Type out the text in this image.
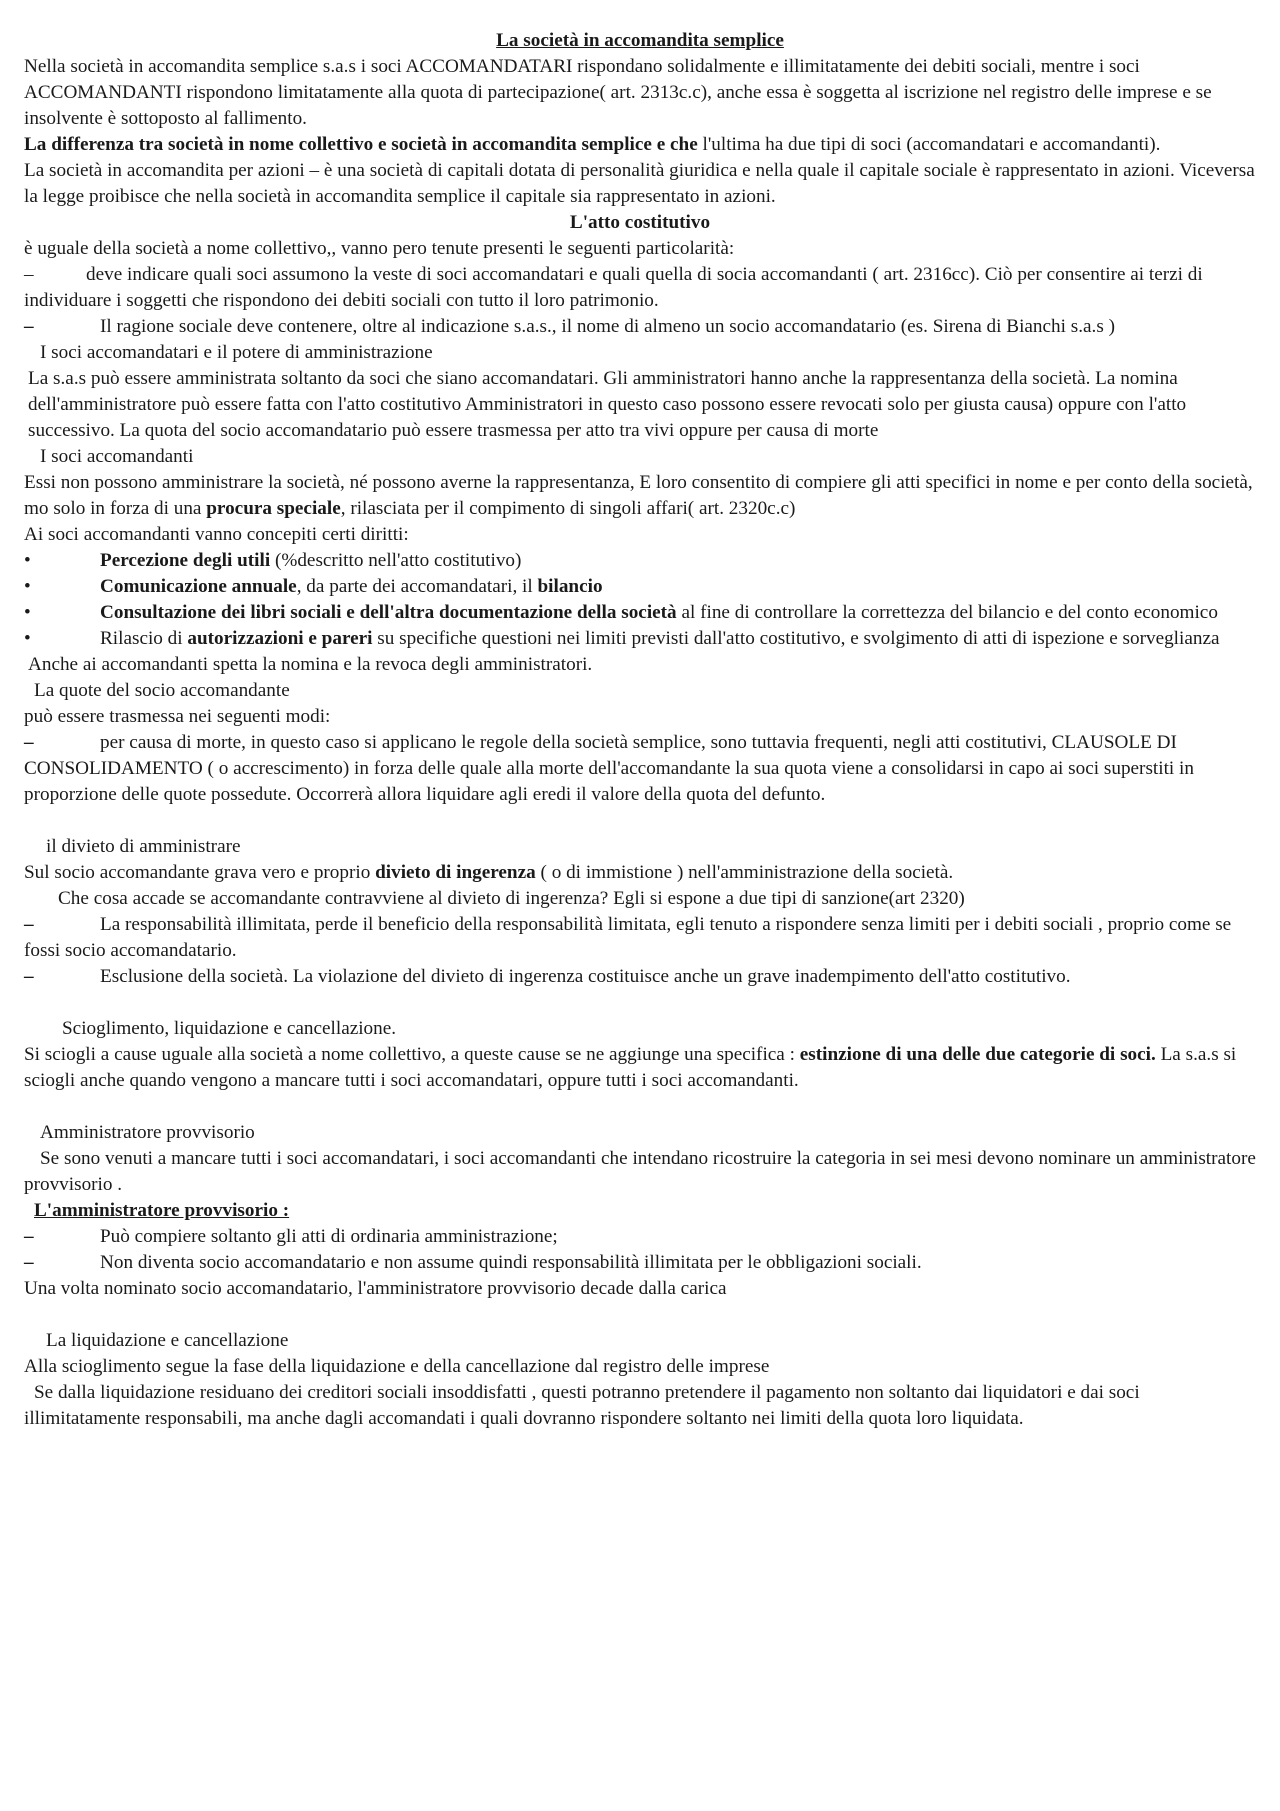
La società in accomandita semplice

Nella società in accomandita semplice s.a.s i soci ACCOMANDATARI rispondano solidalmente e illimitatamente dei debiti sociali, mentre i soci ACCOMANDANTI rispondono limitatamente alla quota di partecipazione( art. 2313c.c), anche essa è soggetta al iscrizione nel registro delle imprese e se insolvente è sottoposto al fallimento.

La differenza tra società in nome collettivo e società in accomandita semplice e che l'ultima ha due tipi di soci (accomandatari e accomandanti).

La società in accomandita per azioni – è una società di capitali dotata di personalità giuridica e nella quale il capitale sociale è rappresentato in azioni. Viceversa la legge proibisce che nella società in accomandita semplice il capitale sia rappresentato in azioni.

L'atto costitutivo

è uguale della società a nome collettivo,, vanno pero tenute presenti le seguenti particolarità:

–	deve indicare quali soci assumono la veste di soci accomandatari e quali quella di socia accomandanti ( art. 2316cc). Ciò per consentire ai terzi di individuare i soggetti che rispondono dei debiti sociali con tutto il loro patrimonio.
–	Il ragione sociale deve contenere, oltre al indicazione s.a.s., il nome di almeno un socio accomandatario (es. Sirena di Bianchi s.a.s )

I soci accomandatari e il potere di amministrazione

La s.a.s può essere amministrata soltanto da soci che siano accomandatari. Gli amministratori hanno anche la rappresentanza della società. La nomina dell'amministratore può essere fatta con l'atto costitutivo Amministratori in questo caso possono essere revocati solo per giusta causa) oppure con l'atto successivo. La quota del socio accomandatario può essere trasmessa per atto tra vivi oppure per causa di morte

I soci accomandanti

Essi non possono amministrare la società, né possono averne la rappresentanza, E loro consentito di compiere gli atti specifici in nome e per conto della società, mo solo in forza di una procura speciale, rilasciata per il compimento di singoli affari( art. 2320c.c)

Ai soci accomandanti vanno concepiti certi diritti:

•	Percezione degli utili (%descritto nell'atto costitutivo)
•	Comunicazione annuale, da parte dei accomandatari, il bilancio
•	Consultazione dei libri sociali e dell'altra documentazione della società al fine di controllare la correttezza del bilancio e del conto economico
•	Rilascio di autorizzazioni e pareri su specifiche questioni nei limiti previsti dall'atto costitutivo, e svolgimento di atti di ispezione e sorveglianza

Anche ai accomandanti spetta la nomina e la revoca degli amministratori.

La quote del socio accomandante

può essere trasmessa nei seguenti modi:

–	per causa di morte, in questo caso si applicano le regole della società semplice, sono tuttavia frequenti, negli atti costitutivi, CLAUSOLE DI CONSOLIDAMENTO ( o accrescimento) in forza delle quale alla morte dell'accomandante la sua quota viene a consolidarsi in capo ai soci superstiti in proporzione delle quote possedute. Occorrerà allora liquidare agli eredi il valore della quota del defunto.

il divieto di amministrare

Sul socio accomandante grava vero e proprio divieto di ingerenza ( o di immistione ) nell'amministrazione della società.

Che cosa accade se accomandante contravviene al divieto di ingerenza? Egli si espone a due tipi di sanzione(art 2320)

–	La responsabilità illimitata, perde il beneficio della responsabilità limitata, egli tenuto a rispondere senza limiti per i debiti sociali , proprio come se fossi socio accomandatario.
–	Esclusione della società. La violazione del divieto di ingerenza costituisce anche un grave inadempimento dell'atto costitutivo.

Scioglimento, liquidazione e cancellazione.

Si sciogli a cause uguale alla società a nome collettivo, a queste cause se ne aggiunge una specifica : estinzione di una delle due categorie di soci. La s.a.s si sciogli anche quando vengono a mancare tutti i soci accomandatari, oppure tutti i soci accomandanti.

Amministratore provvisorio

Se sono venuti a mancare tutti i soci accomandatari, i soci accomandanti che intendano ricostruire la categoria in sei mesi devono nominare un amministratore provvisorio .

L'amministratore provvisorio :

–	Può compiere soltanto gli atti di ordinaria amministrazione;
–	Non diventa socio accomandatario e non assume quindi responsabilità illimitata per le obbligazioni sociali.

Una volta nominato socio accomandatario, l'amministratore provvisorio decade dalla carica

La liquidazione e cancellazione

Alla scioglimento segue la fase della liquidazione e della cancellazione dal registro delle imprese

Se dalla liquidazione residuano dei creditori sociali insoddisfatti , questi potranno pretendere il pagamento non soltanto dai liquidatori e dai soci illimitatamente responsabili, ma anche dagli accomandati i quali dovranno rispondere soltanto nei limiti della quota loro liquidata.
